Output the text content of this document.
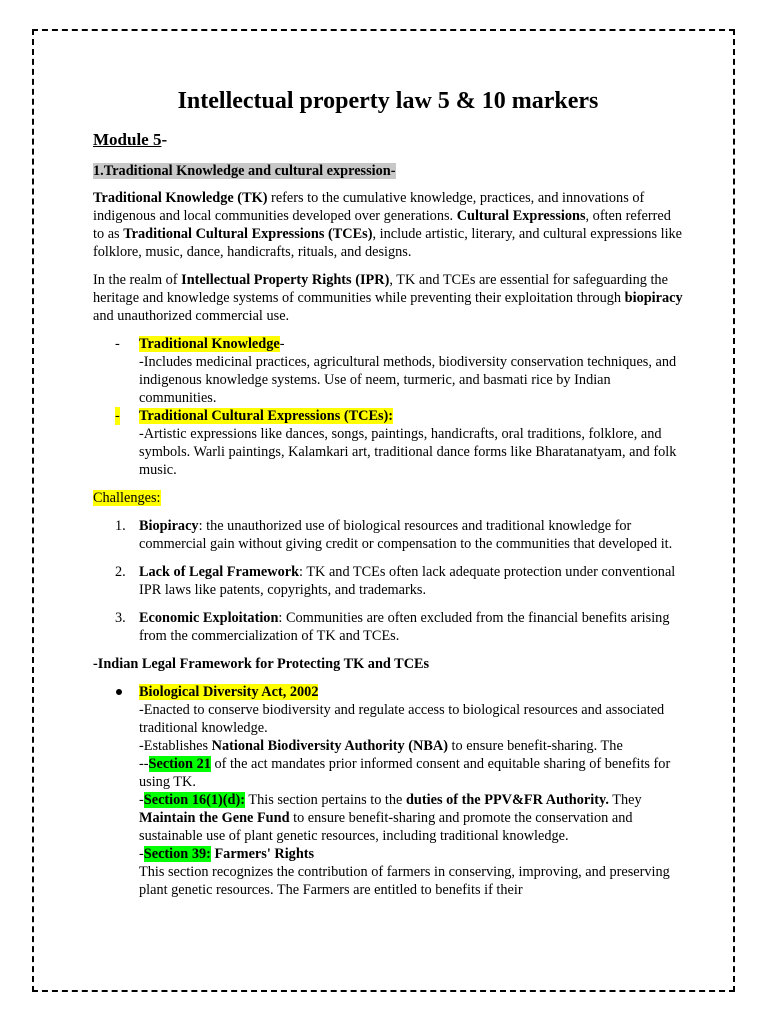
Intellectual property law 5 & 10 markers
Module 5-
1.Traditional Knowledge and cultural expression-

Traditional Knowledge (TK) refers to the cumulative knowledge, practices, and innovations of indigenous and local communities developed over generations. Cultural Expressions, often referred to as Traditional Cultural Expressions (TCEs), include artistic, literary, and cultural expressions like folklore, music, dance, handicrafts, rituals, and designs.

In the realm of Intellectual Property Rights (IPR), TK and TCEs are essential for safeguarding the heritage and knowledge systems of communities while preventing their exploitation through biopiracy and unauthorized commercial use.

- Traditional Knowledge-
-Includes medicinal practices, agricultural methods, biodiversity conservation techniques, and indigenous knowledge systems. Use of neem, turmeric, and basmati rice by Indian communities.
- Traditional Cultural Expressions (TCEs):
-Artistic expressions like dances, songs, paintings, handicrafts, oral traditions, folklore, and symbols. Warli paintings, Kalamkari art, traditional dance forms like Bharatanatyam, and folk music.

Challenges:

1. Biopiracy: the unauthorized use of biological resources and traditional knowledge for commercial gain without giving credit or compensation to the communities that developed it.
2. Lack of Legal Framework: TK and TCEs often lack adequate protection under conventional IPR laws like patents, copyrights, and trademarks.
3. Economic Exploitation: Communities are often excluded from the financial benefits arising from the commercialization of TK and TCEs.

-Indian Legal Framework for Protecting TK and TCEs

Biological Diversity Act, 2002
-Enacted to conserve biodiversity and regulate access to biological resources and associated traditional knowledge.
-Establishes National Biodiversity Authority (NBA) to ensure benefit-sharing. The
--Section 21 of the act mandates prior informed consent and equitable sharing of benefits for using TK.
-Section 16(1)(d): This section pertains to the duties of the PPV&FR Authority. They Maintain the Gene Fund to ensure benefit-sharing and promote the conservation and sustainable use of plant genetic resources, including traditional knowledge.
-Section 39: Farmers' Rights
This section recognizes the contribution of farmers in conserving, improving, and preserving plant genetic resources. The Farmers are entitled to benefits if their
